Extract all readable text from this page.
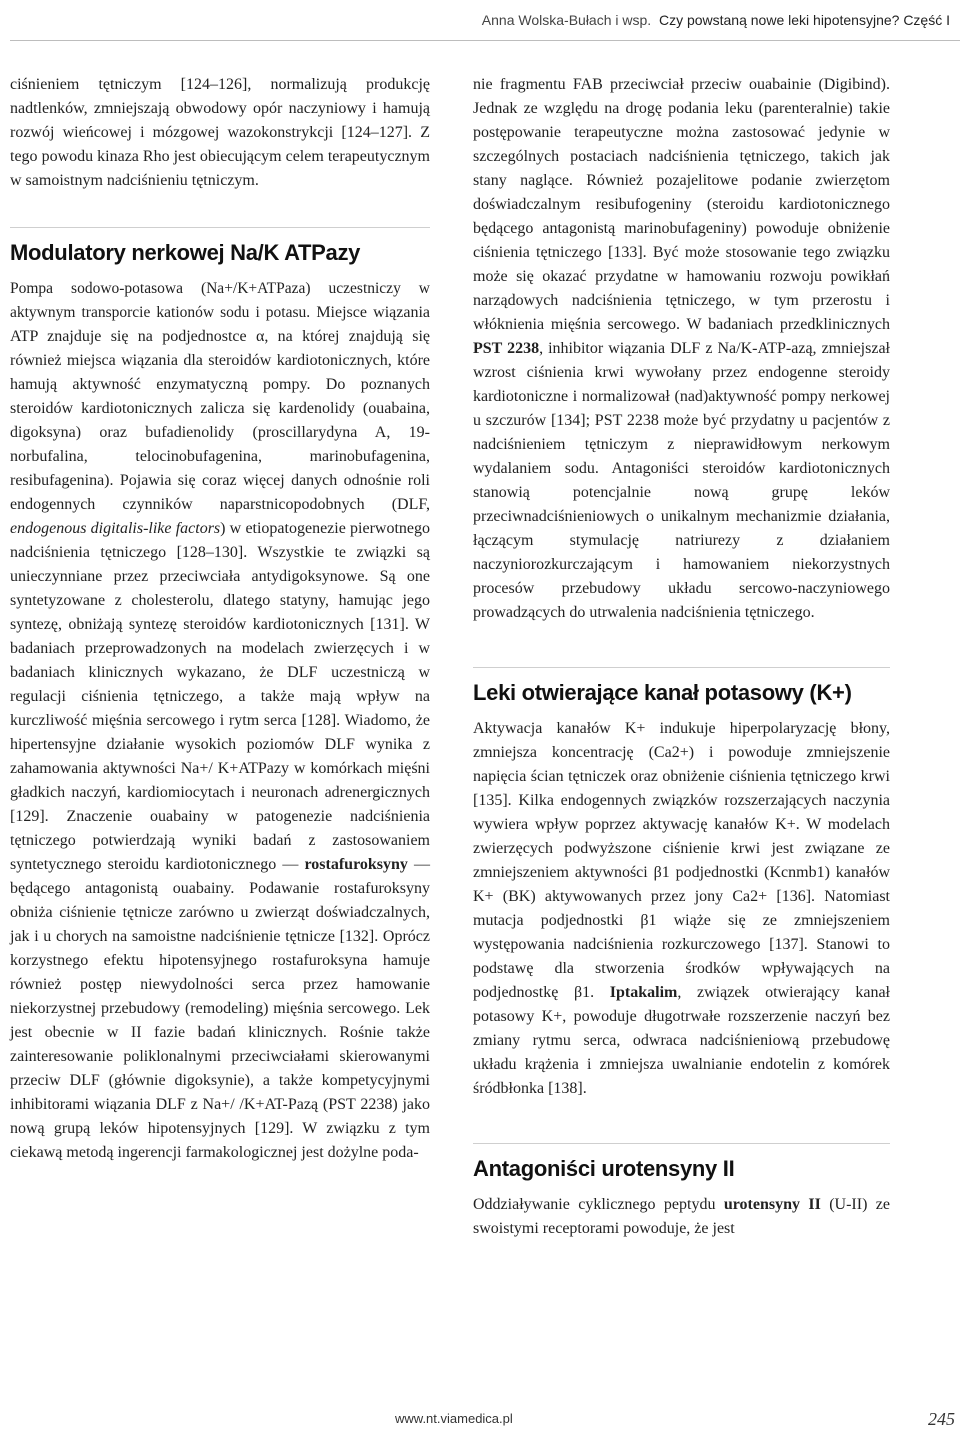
Anna Wolska-Bułach i wsp. Czy powstaną nowe leki hipotensyjne? Część I

ciśnieniem tętniczym [124–126], normalizują produkcję nadtlenków, zmniejszają obwodowy opór naczyniowy i hamują rozwój wieńcowej i mózgowej wazokonstrykcji [124–127]. Z tego powodu kinaza Rho jest obiecującym celem terapeutycznym w samoistnym nadciśnieniu tętniczym.

Modulatory nerkowej Na/K ATPazy

Pompa sodowo-potasowa (Na+/K+ATPaza) uczestniczy w aktywnym transporcie kationów sodu i potasu. Miejsce wiązania ATP znajduje się na podjednostce α, na której znajdują się również miejsca wiązania dla steroidów kardiotonicznych, które hamują aktywność enzymatyczną pompy. Do poznanych steroidów kardiotonicznych zalicza się kardenolidy (ouabaina, digoksyna) oraz bufadienolidy (proscillarydyna A, 19-norbufalina, telocinobufagenina, marinobufagenina, resibufagenina). Pojawia się coraz więcej danych odnośnie roli endogennych czynników naparstnicopodobnych (DLF, endogenous digitalis-like factors) w etiopatogenezie pierwotnego nadciśnienia tętniczego [128–130]. Wszystkie te związki są unieczynniane przez przeciwciała antydigoksynowe. Są one syntetyzowane z cholesterolu, dlatego statyny, hamując jego syntezę, obniżają syntezę steroidów kardiotonicznych [131]. W badaniach przeprowadzonych na modelach zwierzęcych i w badaniach klinicznych wykazano, że DLF uczestniczą w regulacji ciśnienia tętniczego, a także mają wpływ na kurczliwość mięśnia sercowego i rytm serca [128]. Wiadomo, że hipertensyjne działanie wysokich poziomów DLF wynika z zahamowania aktywności Na+/ K+ATPazy w komórkach mięśni gładkich naczyń, kardiomiocytach i neuronach adrenergicznych [129]. Znaczenie ouabainy w patogenezie nadciśnienia tętniczego potwierdzają wyniki badań z zastosowaniem syntetycznego steroidu kardiotonicznego — rostafuroksyny — będącego antagonistą ouabainy. Podawanie rostafuroksyny obniża ciśnienie tętnicze zarówno u zwierząt doświadczalnych, jak i u chorych na samoistne nadciśnienie tętnicze [132]. Oprócz korzystnego efektu hipotensyjnego rostafuroksyna hamuje również postęp niewydolności serca przez hamowanie niekorzystnej przebudowy (remodeling) mięśnia sercowego. Lek jest obecnie w II fazie badań klinicznych. Rośnie także zainteresowanie poliklonalnymi przeciwciałami skierowanymi przeciw DLF (głównie digoksynie), a także kompetycyjnymi inhibitorami wiązania DLF z Na+/ /K+AT-Pazą (PST 2238) jako nową grupą leków hipotensyjnych [129]. W związku z tym ciekawą metodą ingerencji farmakologicznej jest dożylne poda-

nie fragmentu FAB przeciwciał przeciw ouabainie (Digibind). Jednak ze względu na drogę podania leku (parenteralnie) takie postępowanie terapeutyczne można zastosować jedynie w szczególnych postaciach nadciśnienia tętniczego, takich jak stany naglące. Również pozajelitowe podanie zwierzętom doświadczalnym resibufogeniny (steroidu kardiotonicznego będącego antagonistą marinobufageniny) powoduje obniżenie ciśnienia tętniczego [133]. Być może stosowanie tego związku może się okazać przydatne w hamowaniu rozwoju powikłań narządowych nadciśnienia tętniczego, w tym przerostu i włóknienia mięśnia sercowego. W badaniach przedklinicznych PST 2238, inhibitor wiązania DLF z Na/K-ATP-azą, zmniejszał wzrost ciśnienia krwi wywołany przez endogenne steroidy kardiotoniczne i normalizował (nad)aktywność pompy nerkowej u szczurów [134]; PST 2238 może być przydatny u pacjentów z nadciśnieniem tętniczym z nieprawidłowym nerkowym wydalaniem sodu. Antagoniści steroidów kardiotonicznych stanowią potencjalnie nową grupę leków przeciwnadciśnieniowych o unikalnym mechanizmie działania, łączącym stymulację natriurezy z działaniem naczyniorozkurczającym i hamowaniem niekorzystnych procesów przebudowy układu sercowo-naczyniowego prowadzących do utrwalenia nadciśnienia tętniczego.

Leki otwierające kanał potasowy (K+)

Aktywacja kanałów K+ indukuje hiperpolaryzację błony, zmniejsza koncentrację (Ca2+) i powoduje zmniejszenie napięcia ścian tętniczek oraz obniżenie ciśnienia tętniczego krwi [135]. Kilka endogennych związków rozszerzających naczynia wywiera wpływ poprzez aktywację kanałów K+. W modelach zwierzęcych podwyższone ciśnienie krwi jest związane ze zmniejszeniem aktywności β1 podjednostki (Kcnmb1) kanałów K+ (BK) aktywowanych przez jony Ca2+ [136]. Natomiast mutacja podjednostki β1 wiąże się ze zmniejszeniem występowania nadciśnienia rozkurczowego [137]. Stanowi to podstawę dla stworzenia środków wpływających na podjednostkę β1. Iptakalim, związek otwierający kanał potasowy K+, powoduje długotrwałe rozszerzenie naczyń bez zmiany rytmu serca, odwraca nadciśnieniową przebudowę układu krążenia i zmniejsza uwalnianie endotelin z komórek śródbłonka [138].

Antagoniści urotensyny II

Oddziaływanie cyklicznego peptydu urotensyny II (U-II) ze swoistymi receptorami powoduje, że jest

www.nt.viamedica.pl	245
